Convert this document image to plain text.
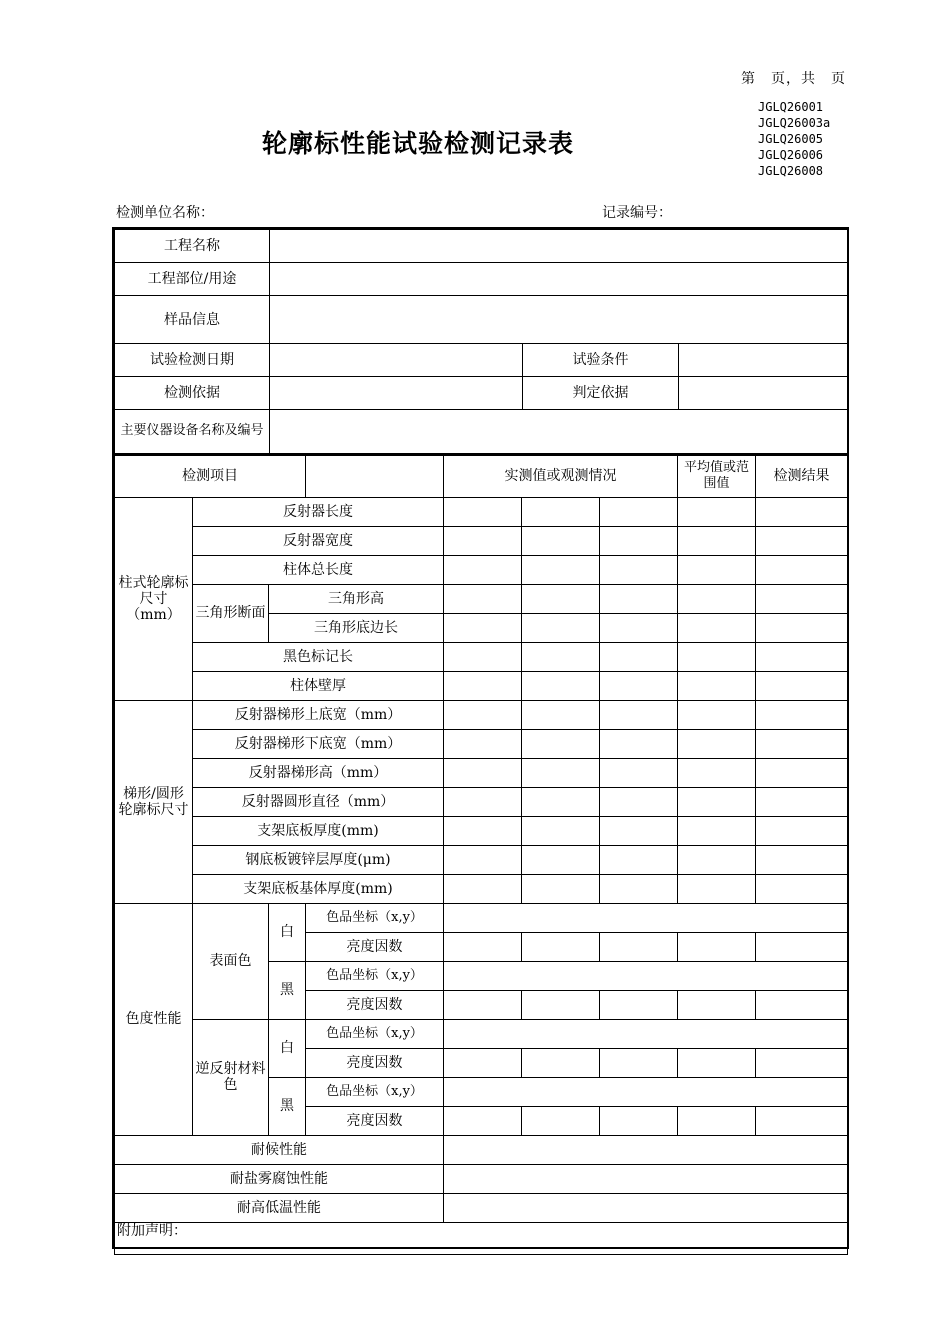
第　页，共　页
JGLQ26001
JGLQ26003a
JGLQ26005
JGLQ26006
JGLQ26008
轮廓标性能试验检测记录表
检测单位名称：	记录编号：
工程名称			
工程部位/用途			
样品信息			
试验检测日期		试验条件	
检测依据		判定依据	
主要仪器设备名称及编号			
检测项目				实测值或观测情况			平均值或范围值	检测结果
柱式轮廓标尺寸（mm）	反射器长度							
	反射器宽度							
	柱体总长度							
	三角形断面	三角形高						
		三角形底边长						
	黑色标记长							
	柱体壁厚							
梯形/圆形轮廓标尺寸	反射器梯形上底宽（mm）							
	反射器梯形下底宽（mm）							
	反射器梯形高（mm）							
	反射器圆形直径（mm）							
	支架底板厚度(mm)							
	钢底板镀锌层厚度(μm)							
	支架底板基体厚度(mm)							
色度性能	表面色	白	色品坐标（x,y）					
			亮度因数					
		黑	色品坐标（x,y）					
			亮度因数					
	逆反射材料色	白	色品坐标（x,y）					
			亮度因数					
		黑	色品坐标（x,y）					
			亮度因数					
耐候性能								
耐盐雾腐蚀性能								
耐高低温性能								
附加声明：								
